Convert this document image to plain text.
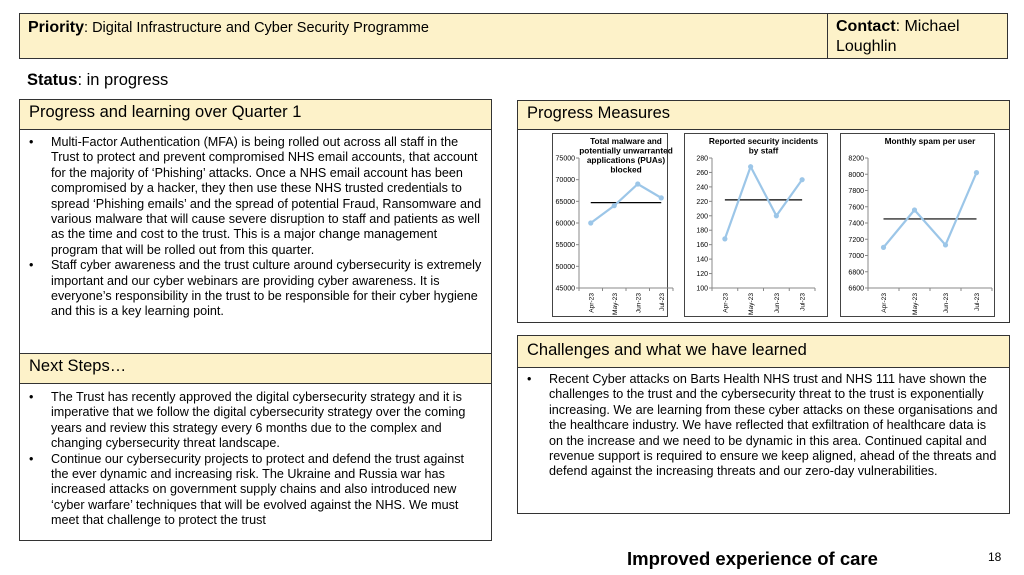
Priority: Digital Infrastructure and Cyber Security Programme	Contact: Michael Loughlin
Status: in progress
Progress and learning over Quarter 1
• Multi-Factor Authentication (MFA) is being rolled out across all staff in the Trust to protect and prevent compromised NHS email accounts, that account for the majority of ‘Phishing’ attacks. Once a NHS email account has been compromised by a hacker, they then use these NHS trusted credentials to spread ‘Phishing emails’ and the spread of potential Fraud, Ransomware and various malware that will cause severe disruption to staff and patients as well as the time and cost to the trust. This is a major change management program that will be rolled out from this quarter.
• Staff cyber awareness and the trust culture around cybersecurity is extremely important and our cyber webinars are providing cyber awareness. It is everyone’s responsibility in the trust to be responsible for their cyber hygiene and this is a key learning point.
Next Steps…
• The Trust has recently approved the digital cybersecurity strategy and it is imperative that we follow the digital cybersecurity strategy over the coming years and review this strategy every 6 months due to the complex and changing cybersecurity threat landscape.
• Continue our cybersecurity projects to protect and defend the trust against the ever dynamic and increasing risk. The Ukraine and Russia war has increased attacks on government supply chains and also introduced new ‘cyber warfare’ techniques that will be evolved against the NHS. We must meet that challenge to protect the trust
Progress Measures
Total malware and
potentially unwarranted
applications (PUAs)
blocked
45000
50000
55000
60000
65000
70000
75000
Apr-23	May-23	Jun-23	Jul-23
Reported security incidents
by staff
100
120
140
160
180
200
220
240
260
280
Apr-23	May-23	Jun-23	Jul-23
Monthly spam per user
6600
6800
7000
7200
7400
7600
7800
8000
8200
Apr-23	May-23	Jun-23	Jul-23
Challenges and what we have learned
• Recent Cyber attacks on Barts Health NHS trust and NHS 111 have shown the challenges to the trust and the cybersecurity threat to the trust is exponentially increasing. We are learning from these cyber attacks on these organisations and the healthcare industry. We have reflected that exfiltration of healthcare data is on the increase and we need to be dynamic in this area. Continued capital and revenue support is required to ensure we keep aligned, ahead of the threats and defend against the increasing threats and our zero-day vulnerabilities.
Improved experience of care	18
